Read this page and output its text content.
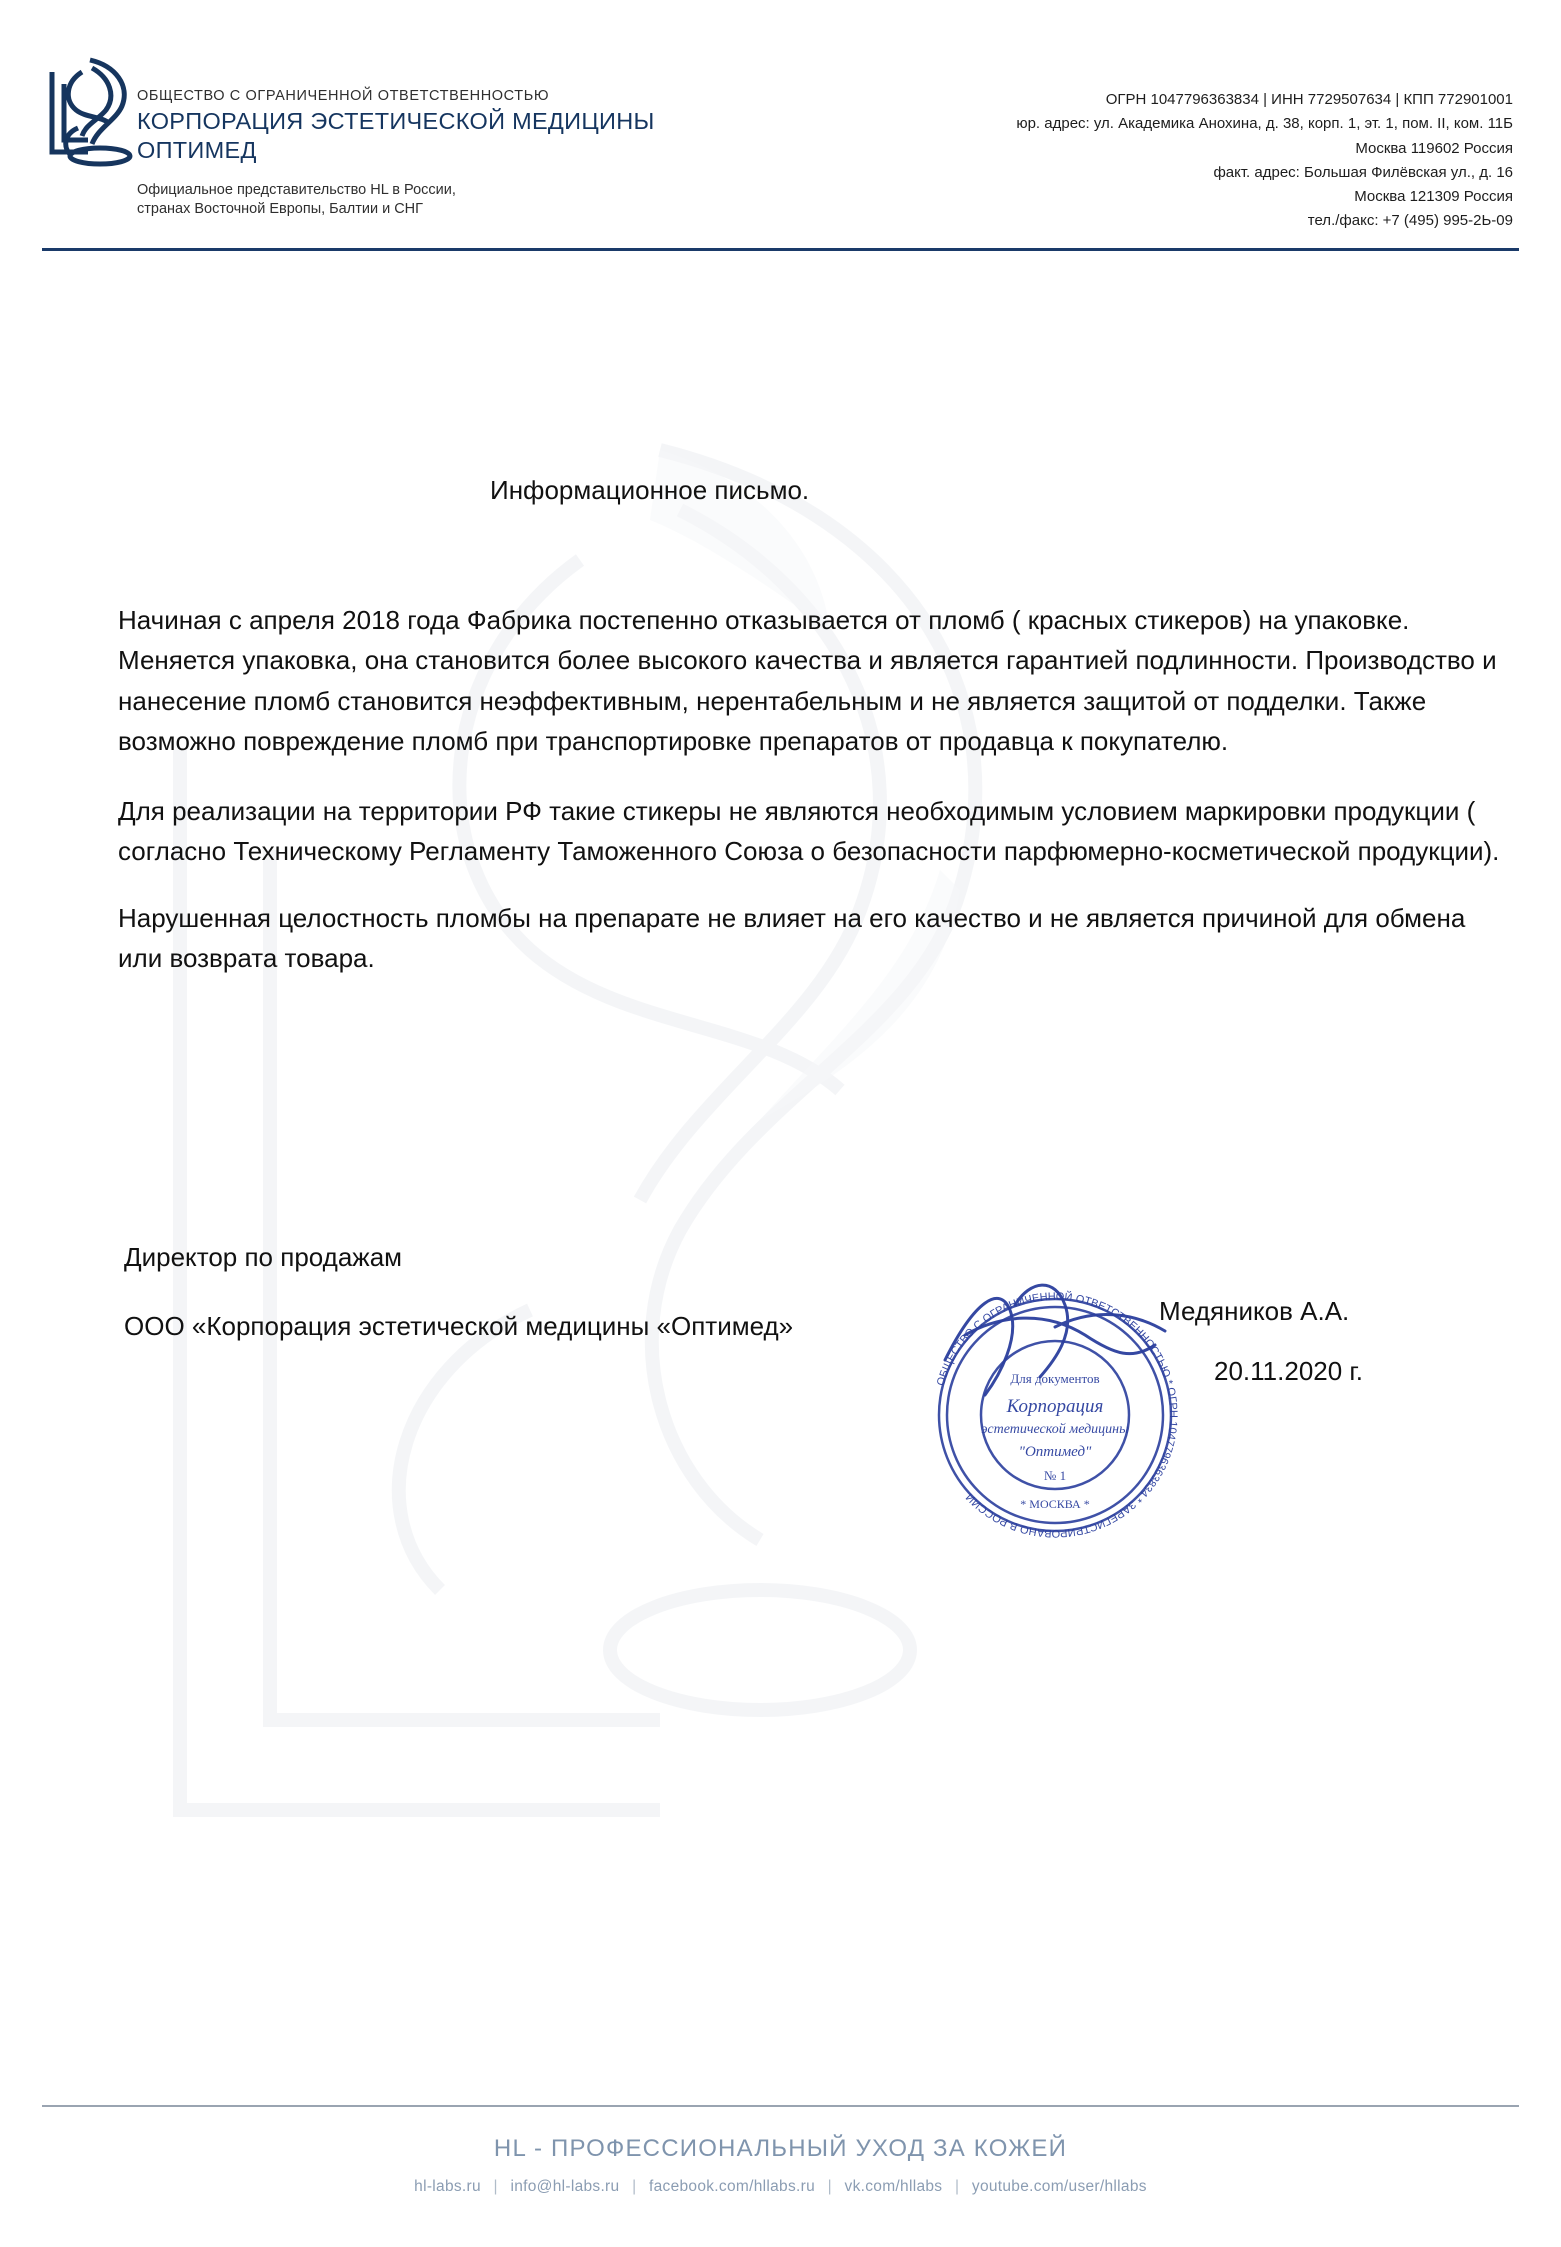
ОБЩЕСТВО С ОГРАНИЧЕННОЙ ОТВЕТСТВЕННОСТЬЮ
КОРПОРАЦИЯ ЭСТЕТИЧЕСКОЙ МЕДИЦИНЫ
ОПТИМЕД
Официальное представительство HL в России,
странах Восточной Европы, Балтии и СНГ
ОГРН 1047796363834 | ИНН 7729507634 | КПП 772901001
юр. адрес: ул. Академика Анохина, д. 38, корп. 1, эт. 1, пом. II, ком. 11Б
Москва 119602 Россия
факт. адрес: Большая Филёвская ул., д. 16
Москва 121309 Россия
тел./факс: +7 (495) 995-2Ь-09
Информационное письмо.

Начиная с апреля 2018 года Фабрика постепенно отказывается от пломб ( красных стикеров) на упаковке. Меняется упаковка, она становится более высокого качества и является гарантией подлинности. Производство и нанесение пломб становится неэффективным, нерентабельным и не является защитой от подделки. Также возможно повреждение пломб при транспортировке препаратов от продавца к покупателю.

Для реализации на территории РФ такие стикеры не являются необходимым условием маркировки продукции ( согласно Техническому Регламенту Таможенного Союза о безопасности парфюмерно-косметической продукции).

Нарушенная целостность пломбы на препарате не влияет на его качество и не является причиной для обмена или возврата товара.

Директор по продажам
ООО «Корпорация эстетической медицины «Оптимед»	Медяников А.А.
20.11.2020 г.
ОБЩЕСТВО С ОГРАНИЧЕННОЙ ОТВЕТСТВЕННОСТЬЮ * ОГРН 1047796363834 * ЗАРЕГИСТРИРОВАНО В РОССИИ
Для документов
Корпорация
эстетической медицины
"Оптимед"
№ 1
* МОСКВА *
HL - ПРОФЕССИОНАЛЬНЫЙ УХОД ЗА КОЖЕЙ
hl-labs.ru | info@hl-labs.ru | facebook.com/hllabs.ru | vk.com/hllabs | youtube.com/user/hllabs
